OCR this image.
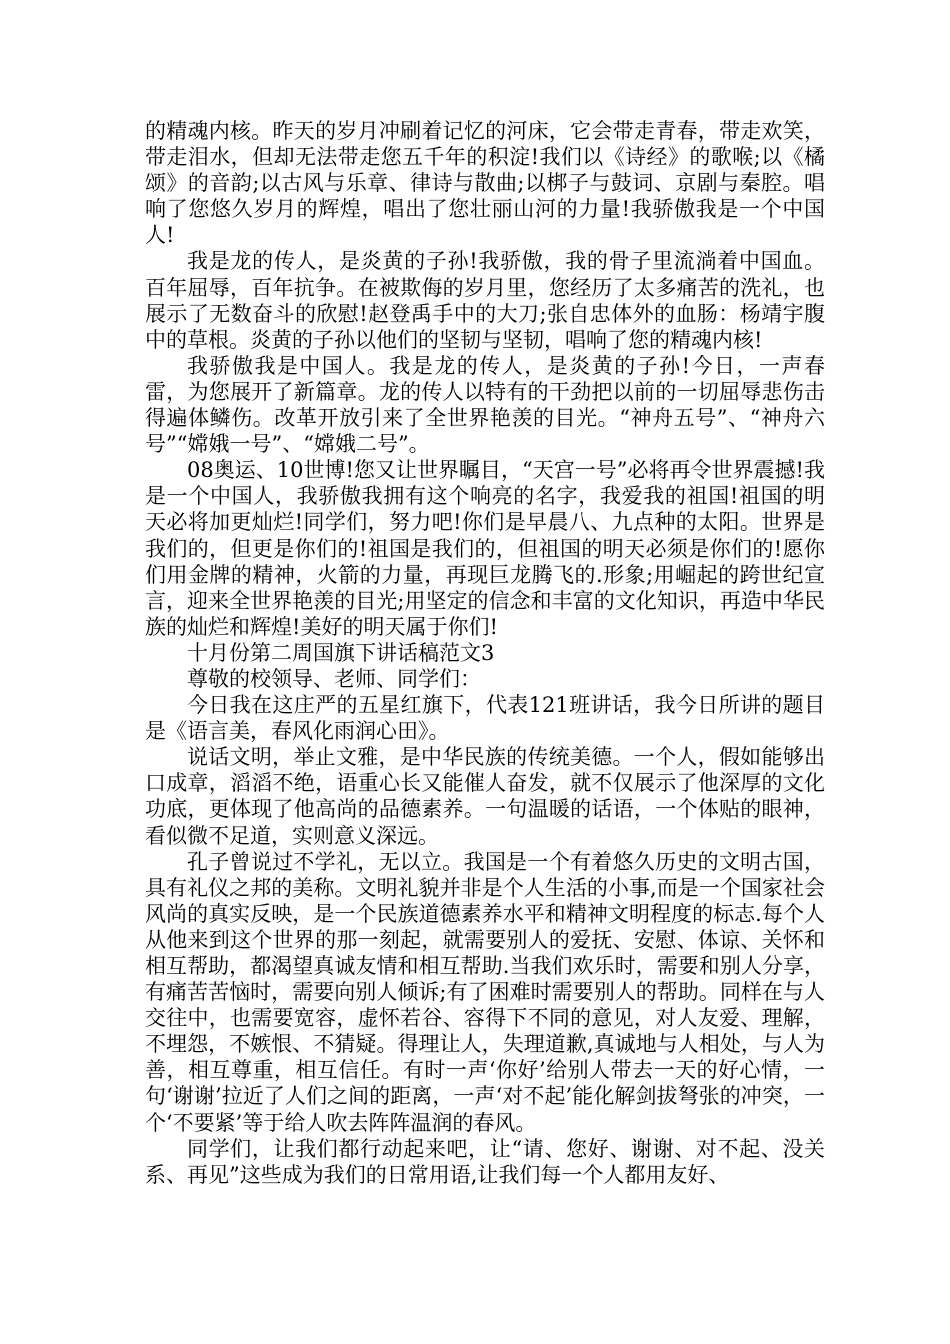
的精魂内核。昨天的岁月冲刷着记忆的河床，它会带走青春，带走欢笑，带走泪水，但却无法带走您五千年的积淀!我们以《诗经》的歌喉;以《橘颂》的音韵;以古风与乐章、律诗与散曲;以梆子与鼓词、京剧与秦腔。唱响了您悠久岁月的辉煌，唱出了您壮丽山河的力量!我骄傲我是一个中国人!

我是龙的传人，是炎黄的子孙!我骄傲，我的骨子里流淌着中国血。百年屈辱，百年抗争。在被欺侮的岁月里，您经历了太多痛苦的洗礼，也展示了无数奋斗的欣慰!赵登禹手中的大刀;张自忠体外的血肠：杨靖宇腹中的草根。炎黄的子孙以他们的坚韧与坚韧，唱响了您的精魂内核!

我骄傲我是中国人。我是龙的传人，是炎黄的子孙!今日，一声春雷，为您展开了新篇章。龙的传人以特有的干劲把以前的一切屈辱悲伤击得遍体鳞伤。改革开放引来了全世界艳羡的目光。“神舟五号”、“神舟六号”“嫦娥一号”、“嫦娥二号”。

08奥运、10世博!您又让世界瞩目，“天宫一号”必将再令世界震撼!我是一个中国人，我骄傲我拥有这个响亮的名字，我爱我的祖国!祖国的明天必将加更灿烂!同学们，努力吧!你们是早晨八、九点种的太阳。世界是我们的，但更是你们的!祖国是我们的，但祖国的明天必须是你们的!愿你们用金牌的精神，火箭的力量，再现巨龙腾飞的.形象;用崛起的跨世纪宣言，迎来全世界艳羡的目光;用坚定的信念和丰富的文化知识，再造中华民族的灿烂和辉煌!美好的明天属于你们!

十月份第二周国旗下讲话稿范文3

尊敬的校领导、老师、同学们：

今日我在这庄严的五星红旗下，代表121班讲话，我今日所讲的题目是《语言美，春风化雨润心田》。

说话文明，举止文雅，是中华民族的传统美德。一个人，假如能够出口成章，滔滔不绝，语重心长又能催人奋发，就不仅展示了他深厚的文化功底，更体现了他高尚的品德素养。一句温暖的话语，一个体贴的眼神，看似微不足道，实则意义深远。

孔子曾说过不学礼，无以立。我国是一个有着悠久历史的文明古国，具有礼仪之邦的美称。文明礼貌并非是个人生活的小事,而是一个国家社会风尚的真实反映，是一个民族道德素养水平和精神文明程度的标志.每个人从他来到这个世界的那一刻起，就需要别人的爱抚、安慰、体谅、关怀和相互帮助，都渴望真诚友情和相互帮助.当我们欢乐时，需要和别人分享，有痛苦苦恼时，需要向别人倾诉;有了困难时需要别人的帮助。同样在与人交往中，也需要宽容，虚怀若谷、容得下不同的意见，对人友爱、理解，不埋怨，不嫉恨、不猜疑。得理让人，失理道歉,真诚地与人相处，与人为善，相互尊重，相互信任。有时一声‘你好’给别人带去一天的好心情，一句‘谢谢’拉近了人们之间的距离，一声‘对不起’能化解剑拔弩张的冲突，一个‘不要紧’等于给人吹去阵阵温润的春风。

同学们，让我们都行动起来吧，让“请、您好、谢谢、对不起、没关系、再见”这些成为我们的日常用语,让我们每一个人都用友好、
